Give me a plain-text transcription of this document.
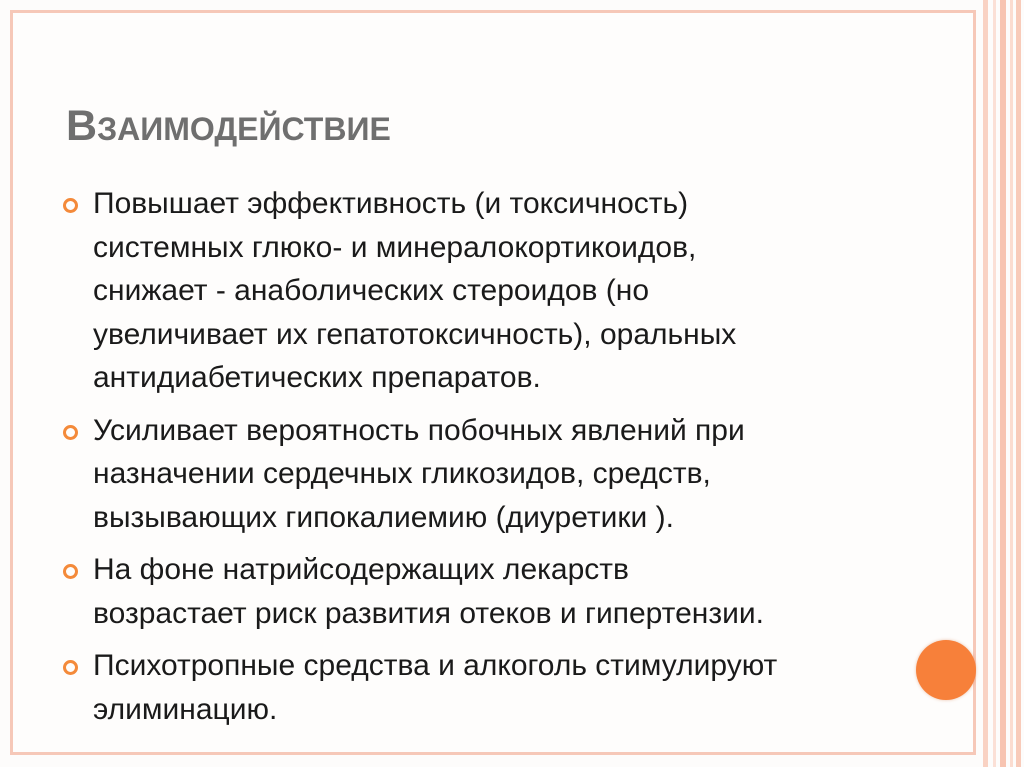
ВЗАИМОДЕЙСТВИЕ
Повышает эффективность (и токсичность)
системных глюко- и минералокортикоидов,
снижает - анаболических стероидов (но
увеличивает их гепатотоксичность), оральных
антидиабетических препаратов.
Усиливает вероятность побочных явлений при
назначении сердечных гликозидов, средств,
вызывающих гипокалиемию (диуретики ).
На фоне натрийсодержащих лекарств
возрастает риск развития отеков и гипертензии.
Психотропные средства и алкоголь стимулируют
элиминацию.
